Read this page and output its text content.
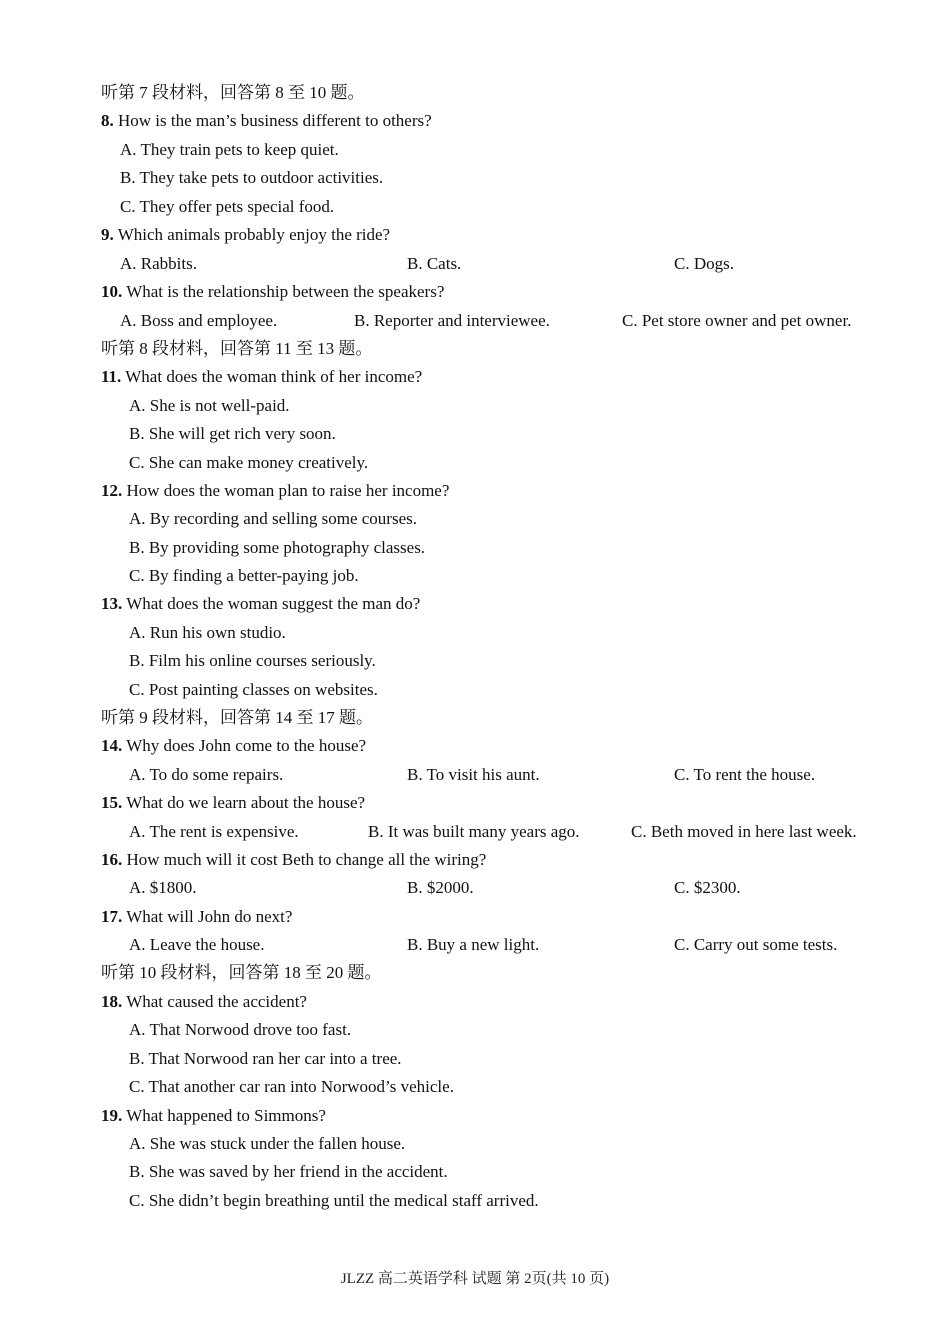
听第 7 段材料，回答第 8 至 10 题。
8. How is the man’s business different to others?
A. They train pets to keep quiet.
B. They take pets to outdoor activities.
C. They offer pets special food.
9. Which animals probably enjoy the ride?
A. Rabbits.	B. Cats.	C. Dogs.
10. What is the relationship between the speakers?
A. Boss and employee.	B. Reporter and interviewee.	C. Pet store owner and pet owner.
听第 8 段材料，回答第 11 至 13 题。
11. What does the woman think of her income?
A. She is not well-paid.
B. She will get rich very soon.
C. She can make money creatively.
12. How does the woman plan to raise her income?
A. By recording and selling some courses.
B. By providing some photography classes.
C. By finding a better-paying job.
13. What does the woman suggest the man do?
A. Run his own studio.
B. Film his online courses seriously.
C. Post painting classes on websites.
听第 9 段材料，回答第 14 至 17 题。
14. Why does John come to the house?
A. To do some repairs.	B. To visit his aunt.	C. To rent the house.
15. What do we learn about the house?
A. The rent is expensive.	B. It was built many years ago.	C. Beth moved in here last week.
16. How much will it cost Beth to change all the wiring?
A. $1800.	B. $2000.	C. $2300.
17. What will John do next?
A. Leave the house.	B. Buy a new light.	C. Carry out some tests.
听第 10 段材料，回答第 18 至 20 题。
18. What caused the accident?
A. That Norwood drove too fast.
B. That Norwood ran her car into a tree.
C. That another car ran into Norwood’s vehicle.
19. What happened to Simmons?
A. She was stuck under the fallen house.
B. She was saved by her friend in the accident.
C. She didn’t begin breathing until the medical staff arrived.
JLZZ 高二英语学科 试题 第 2页(共 10 页)
